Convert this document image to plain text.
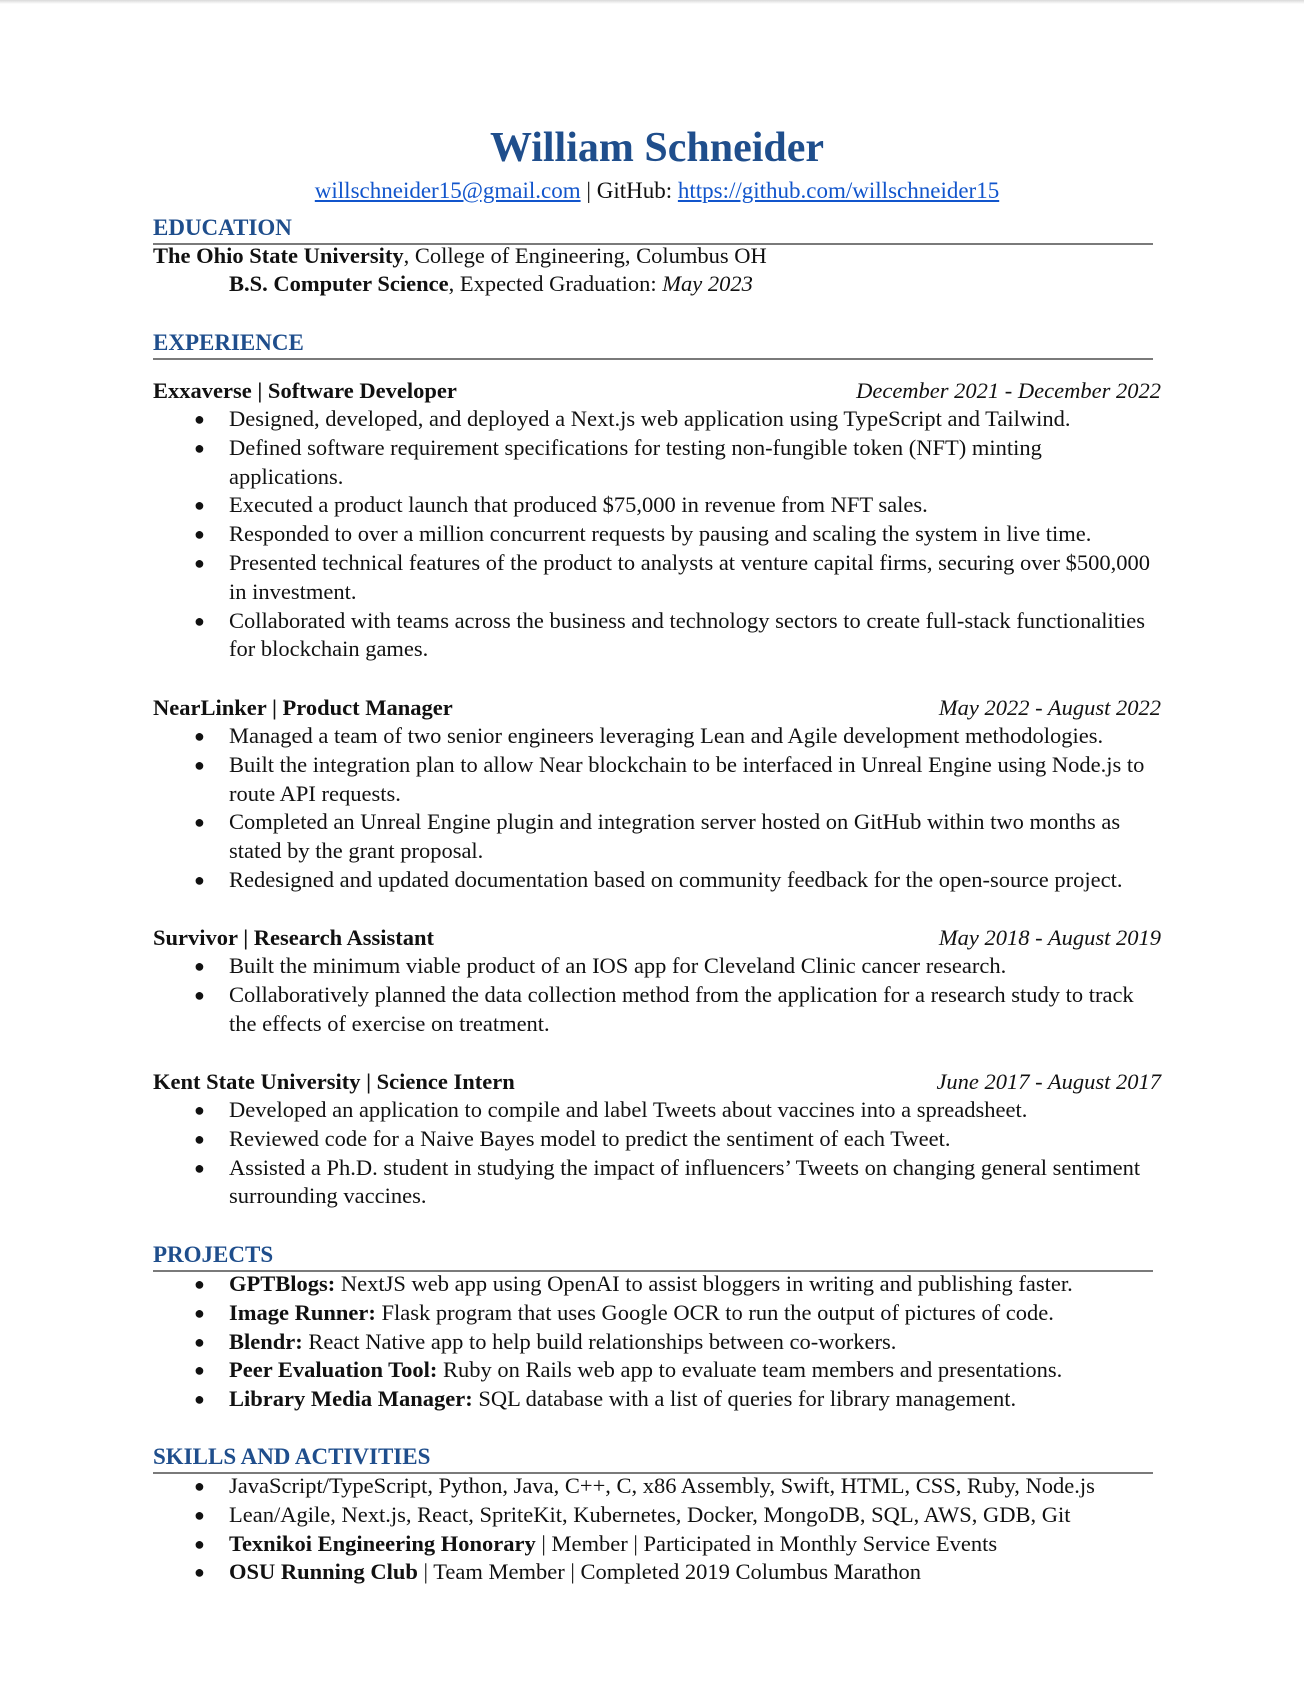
William Schneider
willschneider15@gmail.com | GitHub: https://github.com/willschneider15
EDUCATION
The Ohio State University, College of Engineering, Columbus OH
B.S. Computer Science, Expected Graduation: May 2023
EXPERIENCE
Exxaverse | Software Developer	December 2021 - December 2022
● Designed, developed, and deployed a Next.js web application using TypeScript and Tailwind.
● Defined software requirement specifications for testing non-fungible token (NFT) minting applications.
● Executed a product launch that produced $75,000 in revenue from NFT sales.
● Responded to over a million concurrent requests by pausing and scaling the system in live time.
● Presented technical features of the product to analysts at venture capital firms, securing over $500,000 in investment.
● Collaborated with teams across the business and technology sectors to create full-stack functionalities for blockchain games.
NearLinker | Product Manager	May 2022 - August 2022
● Managed a team of two senior engineers leveraging Lean and Agile development methodologies.
● Built the integration plan to allow Near blockchain to be interfaced in Unreal Engine using Node.js to route API requests.
● Completed an Unreal Engine plugin and integration server hosted on GitHub within two months as stated by the grant proposal.
● Redesigned and updated documentation based on community feedback for the open-source project.
Survivor | Research Assistant	May 2018 - August 2019
● Built the minimum viable product of an IOS app for Cleveland Clinic cancer research.
● Collaboratively planned the data collection method from the application for a research study to track the effects of exercise on treatment.
Kent State University | Science Intern	June 2017 - August 2017
● Developed an application to compile and label Tweets about vaccines into a spreadsheet.
● Reviewed code for a Naive Bayes model to predict the sentiment of each Tweet.
● Assisted a Ph.D. student in studying the impact of influencers’ Tweets on changing general sentiment surrounding vaccines.
PROJECTS
● GPTBlogs: NextJS web app using OpenAI to assist bloggers in writing and publishing faster.
● Image Runner: Flask program that uses Google OCR to run the output of pictures of code.
● Blendr: React Native app to help build relationships between co-workers.
● Peer Evaluation Tool: Ruby on Rails web app to evaluate team members and presentations.
● Library Media Manager: SQL database with a list of queries for library management.
SKILLS AND ACTIVITIES
● JavaScript/TypeScript, Python, Java, C++, C, x86 Assembly, Swift, HTML, CSS, Ruby, Node.js
● Lean/Agile, Next.js, React, SpriteKit, Kubernetes, Docker, MongoDB, SQL, AWS, GDB, Git
● Texnikoi Engineering Honorary | Member | Participated in Monthly Service Events
● OSU Running Club | Team Member | Completed 2019 Columbus Marathon
